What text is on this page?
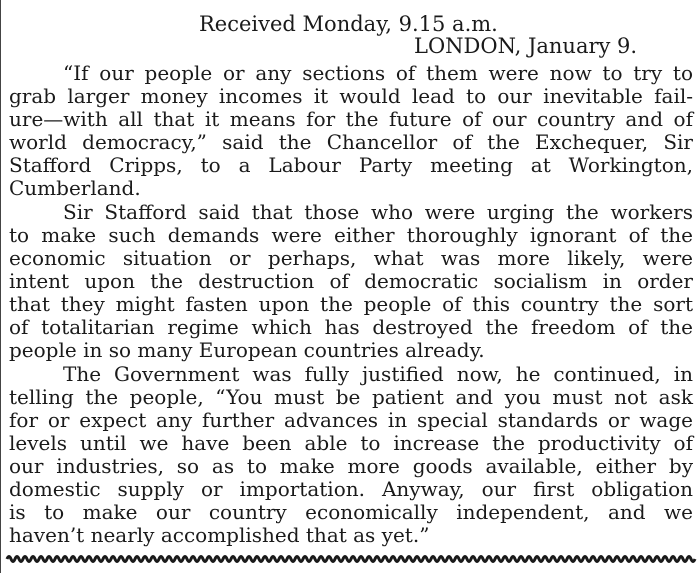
Received Monday, 9.15 a.m.
LONDON, January 9.
“If our people or any sections of them were now to try to
grab larger money incomes it would lead to our inevitable fail-
ure—with all that it means for the future of our country and of
world democracy,” said the Chancellor of the Exchequer, Sir
Stafford Cripps, to a Labour Party meeting at Workington,
Cumberland.
Sir Stafford said that those who were urging the workers
to make such demands were either thoroughly ignorant of the
economic situation or perhaps, what was more likely, were
intent upon the destruction of democratic socialism in order
that they might fasten upon the people of this country the sort
of totalitarian regime which has destroyed the freedom of the
people in so many European countries already.
The Government was fully justified now, he continued, in
telling the people, “You must be patient and you must not ask
for or expect any further advances in special standards or wage
levels until we have been able to increase the productivity of
our industries, so as to make more goods available, either by
domestic supply or importation. Anyway, our first obligation
is to make our country economically independent, and we
haven’t nearly accomplished that as yet.”
